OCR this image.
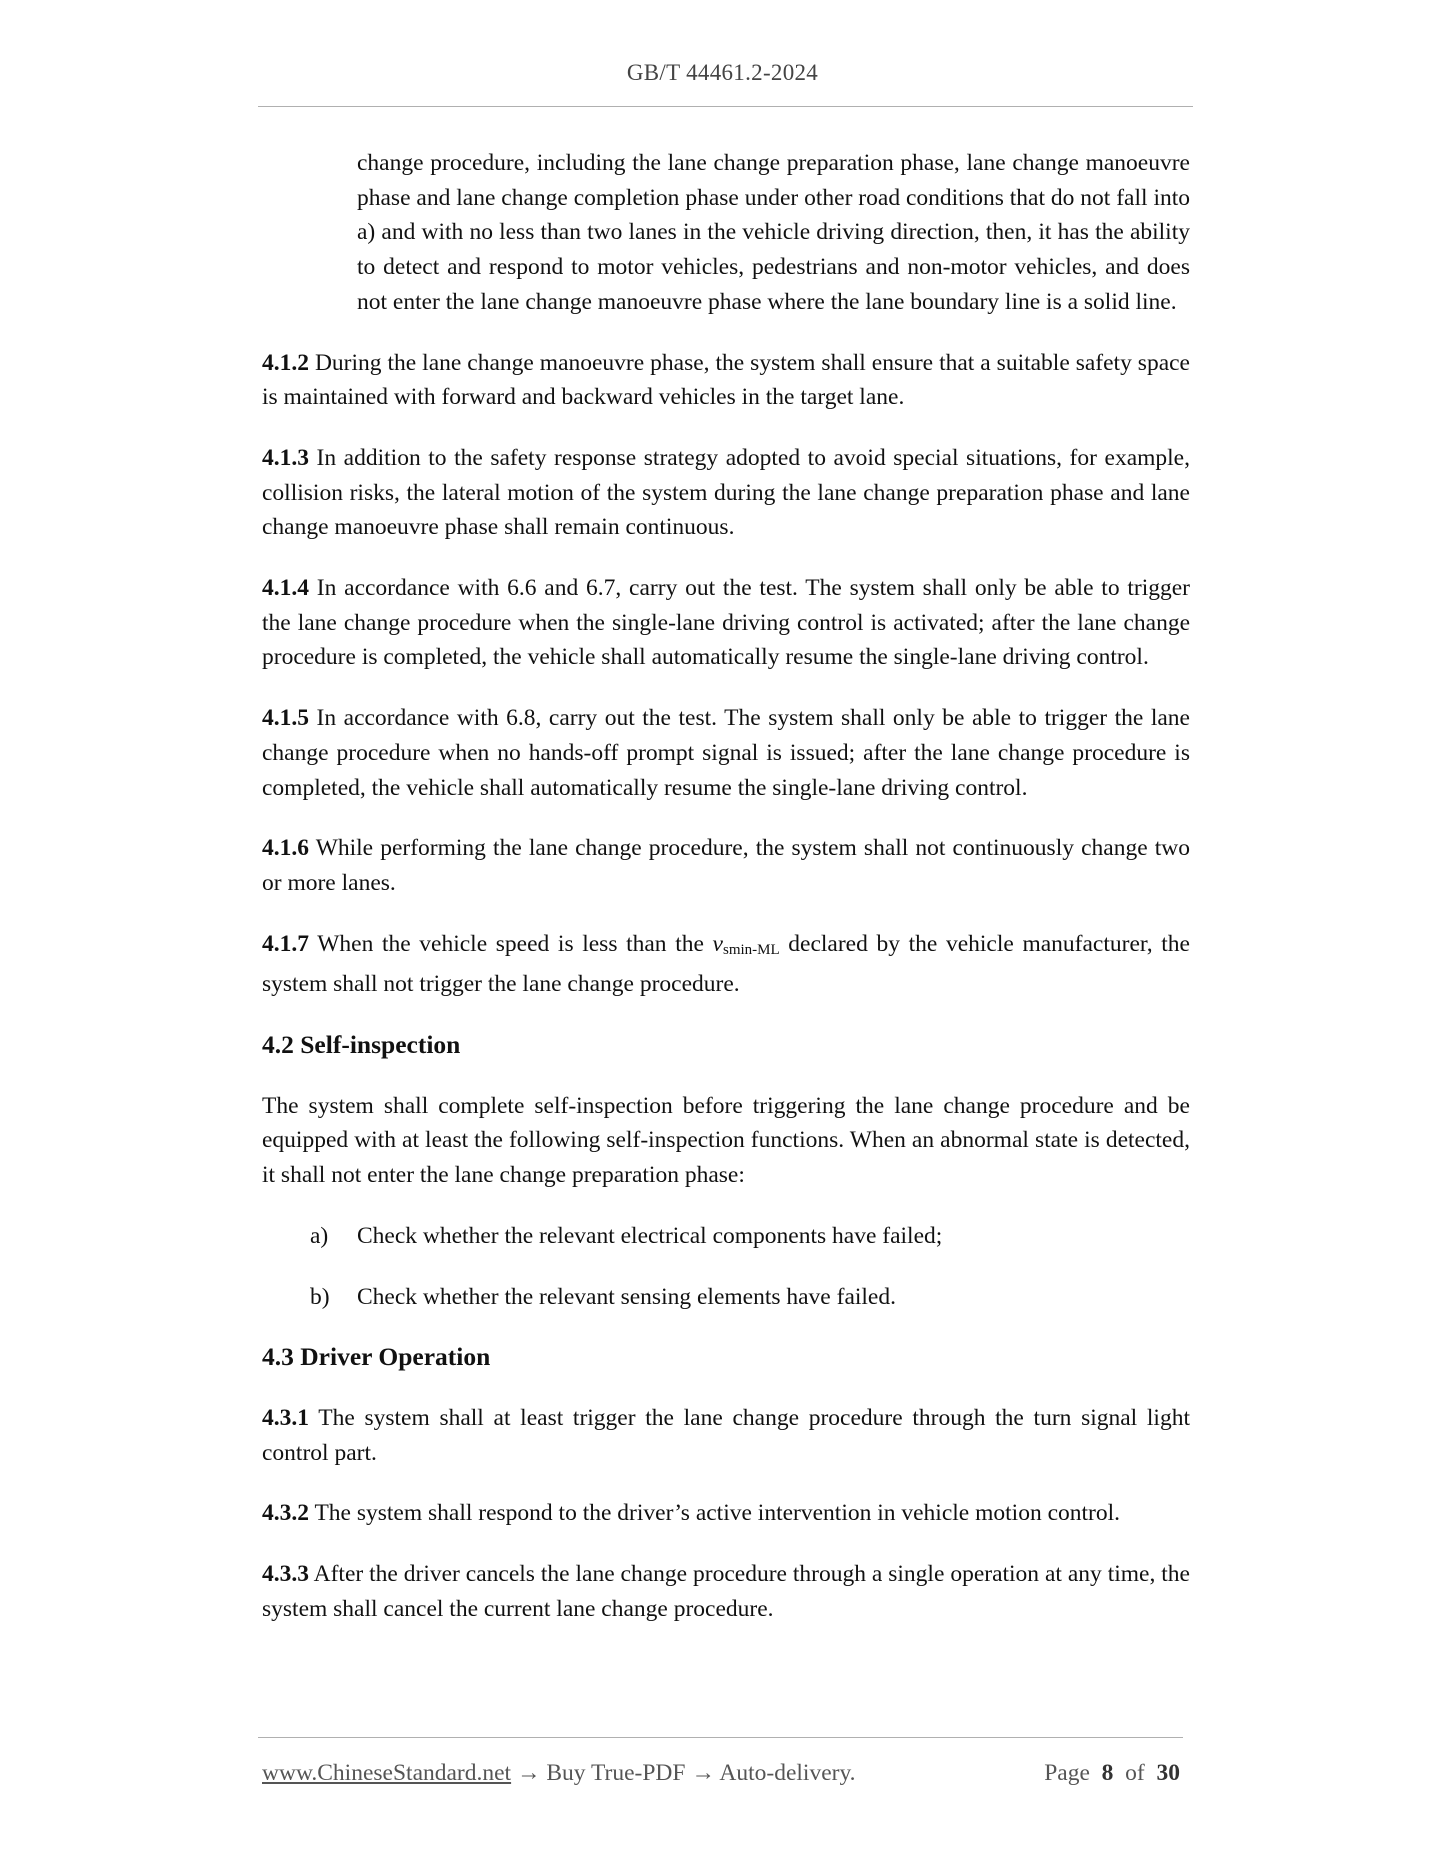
GB/T 44461.2-2024

change procedure, including the lane change preparation phase, lane change manoeuvre phase and lane change completion phase under other road conditions that do not fall into a) and with no less than two lanes in the vehicle driving direction, then, it has the ability to detect and respond to motor vehicles, pedestrians and non-motor vehicles, and does not enter the lane change manoeuvre phase where the lane boundary line is a solid line.

4.1.2 During the lane change manoeuvre phase, the system shall ensure that a suitable safety space is maintained with forward and backward vehicles in the target lane.

4.1.3 In addition to the safety response strategy adopted to avoid special situations, for example, collision risks, the lateral motion of the system during the lane change preparation phase and lane change manoeuvre phase shall remain continuous.

4.1.4 In accordance with 6.6 and 6.7, carry out the test. The system shall only be able to trigger the lane change procedure when the single-lane driving control is activated; after the lane change procedure is completed, the vehicle shall automatically resume the single-lane driving control.

4.1.5 In accordance with 6.8, carry out the test. The system shall only be able to trigger the lane change procedure when no hands-off prompt signal is issued; after the lane change procedure is completed, the vehicle shall automatically resume the single-lane driving control.

4.1.6 While performing the lane change procedure, the system shall not continuously change two or more lanes.

4.1.7 When the vehicle speed is less than the $v_{smin-ML}$ declared by the vehicle manufacturer, the system shall not trigger the lane change procedure.

4.2 Self-inspection

The system shall complete self-inspection before triggering the lane change procedure and be equipped with at least the following self-inspection functions. When an abnormal state is detected, it shall not enter the lane change preparation phase:

a)	Check whether the relevant electrical components have failed;
b)	Check whether the relevant sensing elements have failed.
4.3 Driver Operation

4.3.1 The system shall at least trigger the lane change procedure through the turn signal light control part.

4.3.2 The system shall respond to the driver’s active intervention in vehicle motion control.

4.3.3 After the driver cancels the lane change procedure through a single operation at any time, the system shall cancel the current lane change procedure.

www.ChineseStandard.net → Buy True-PDF → Auto-delivery.	Page 8 of 30
